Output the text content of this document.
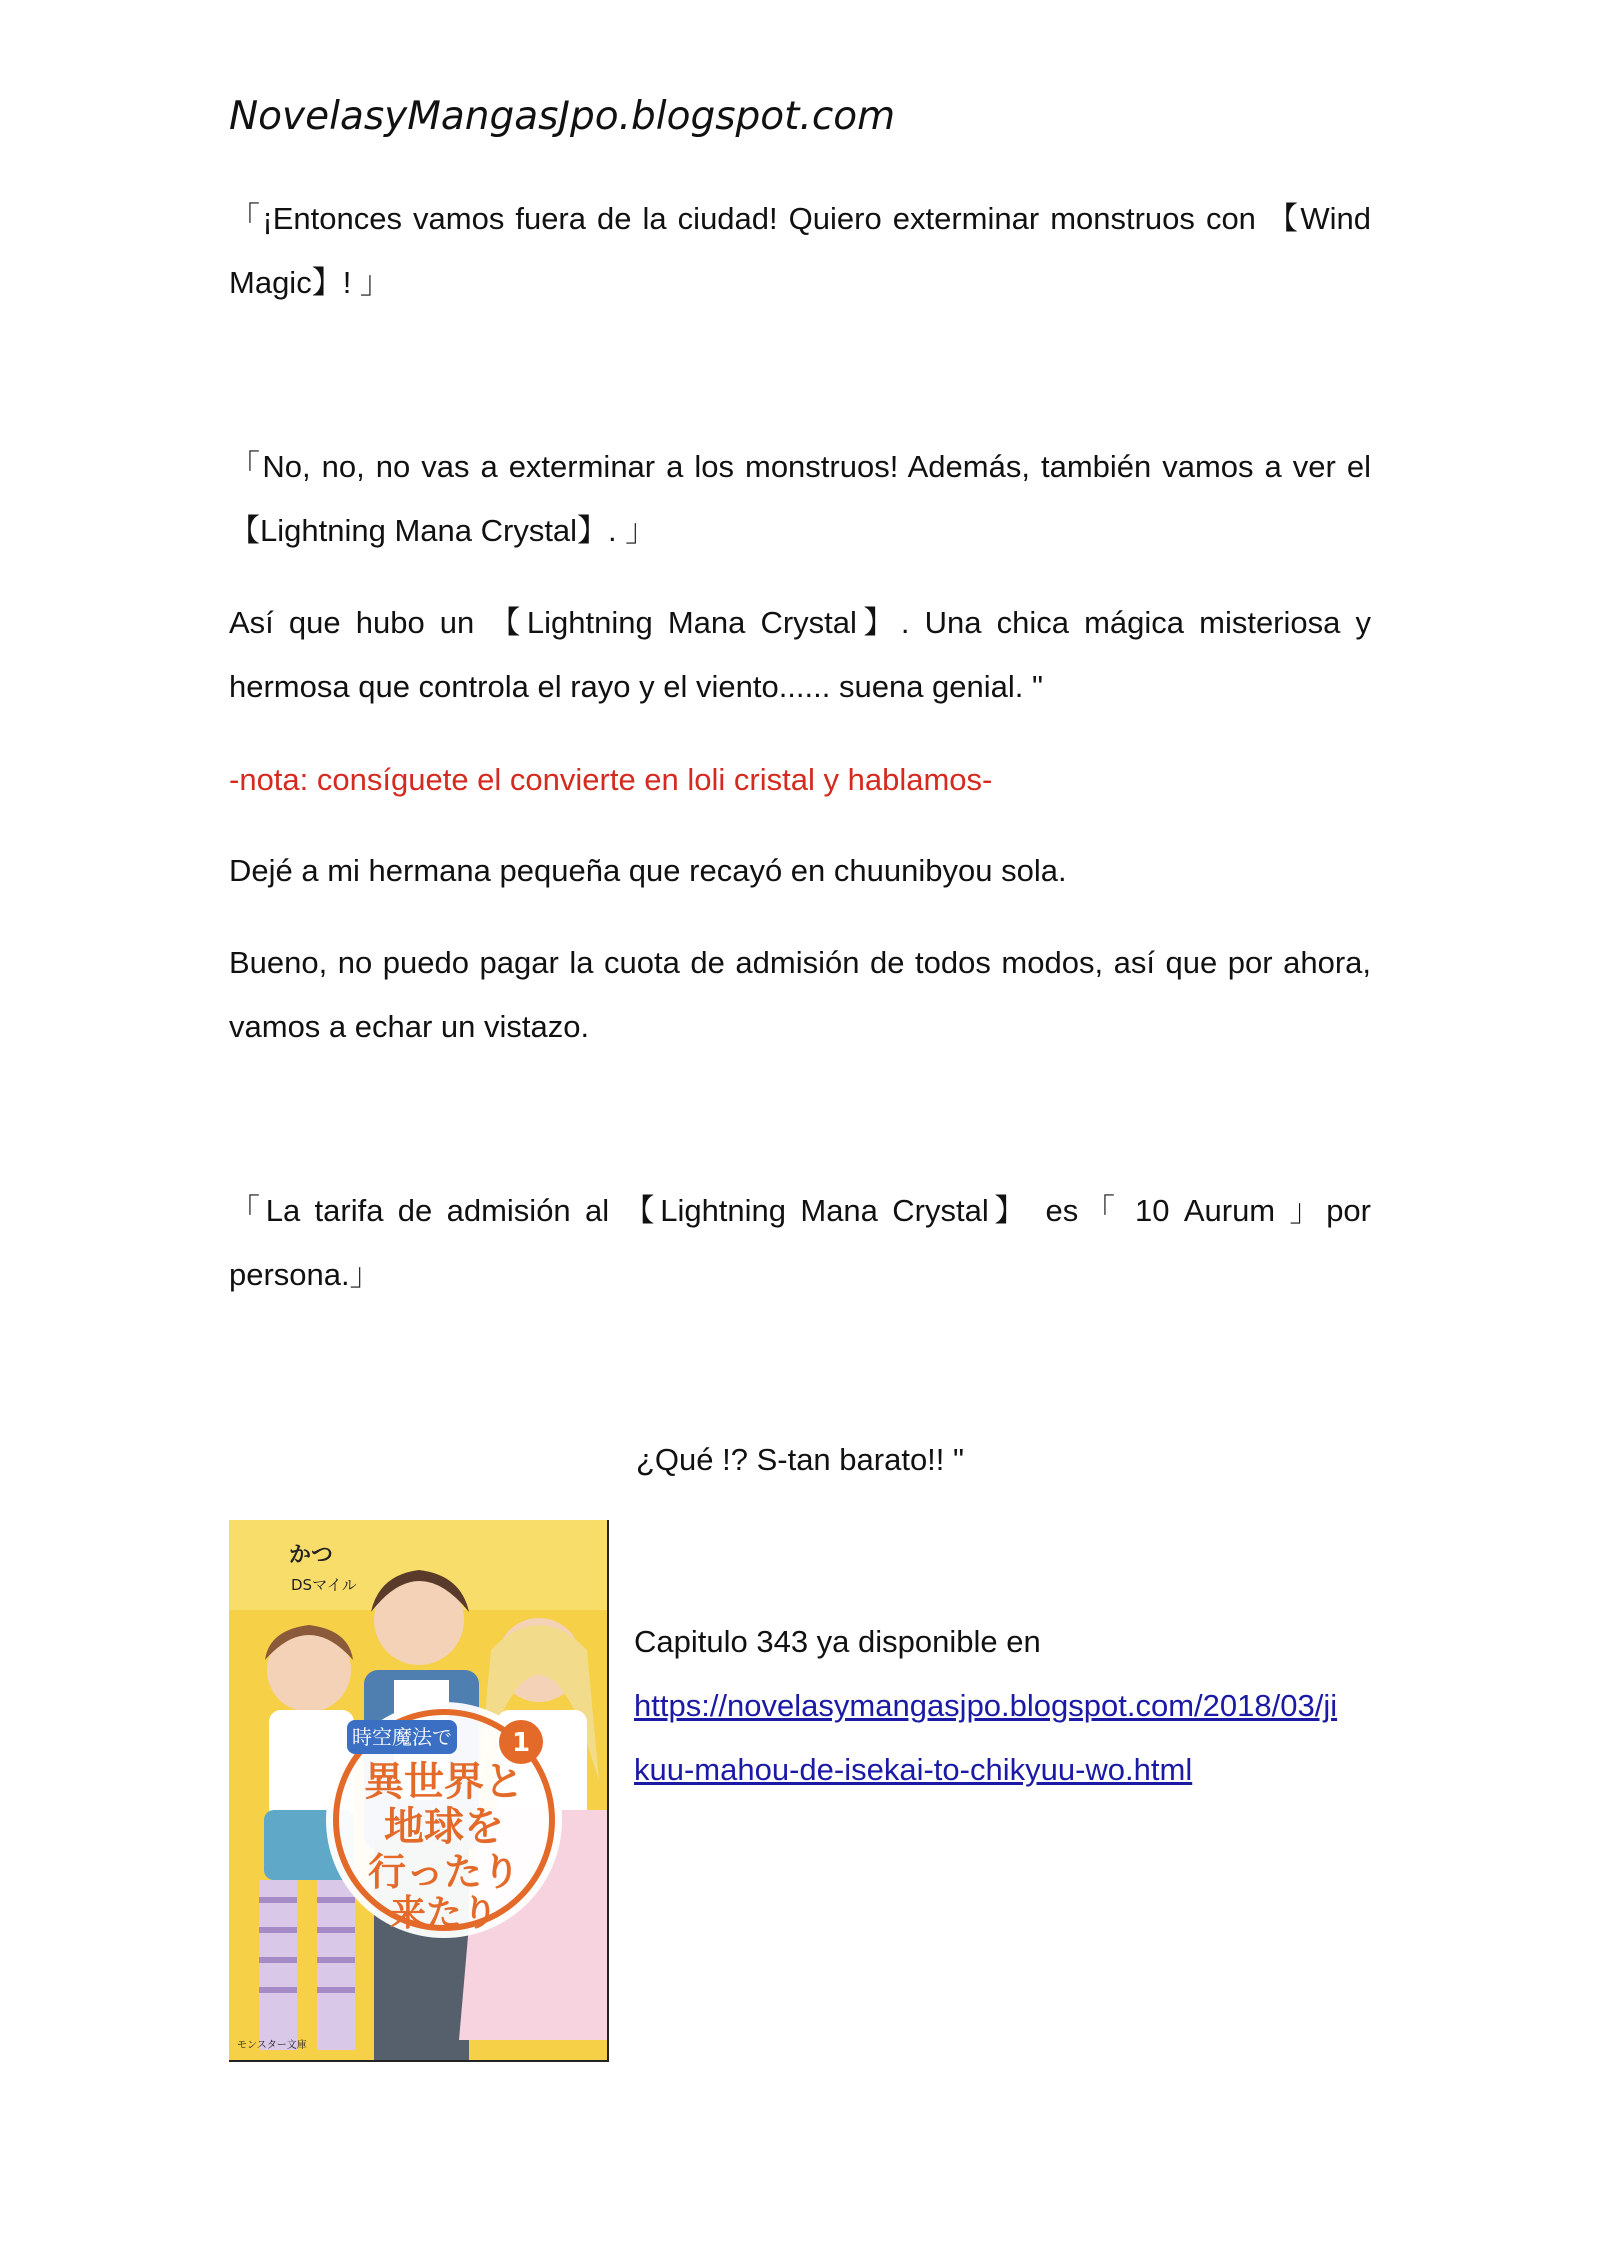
NovelasyMangasJpo.blogspot.com

「¡Entonces vamos fuera de la ciudad! Quiero exterminar monstruos con 【Wind Magic】! 」

「No, no, no vas a exterminar a los monstruos! Además, también vamos a ver el 【Lightning Mana Crystal】. 」

Así que hubo un 【Lightning Mana Crystal】. Una chica mágica misteriosa y hermosa que controla el rayo y el viento...... suena genial. "

-nota: consíguete el convierte en loli cristal y hablamos-

Dejé a mi hermana pequeña que recayó en chuunibyou sola.

Bueno, no puedo pagar la cuota de admisión de todos modos, así que por ahora, vamos a echar un vistazo.

「La tarifa de admisión al 【Lightning Mana Crystal】 es「 10 Aurum 」por persona.」

¿Qué !? S-tan barato!! "
時空魔法で 1
異世界と
地球を
行ったり
来たり
かつ
DSマイル
モンスター文庫
Capitulo 343 ya disponible en
https://novelasymangasjpo.blogspot.com/2018/03/ji
kuu-mahou-de-isekai-to-chikyuu-wo.html
